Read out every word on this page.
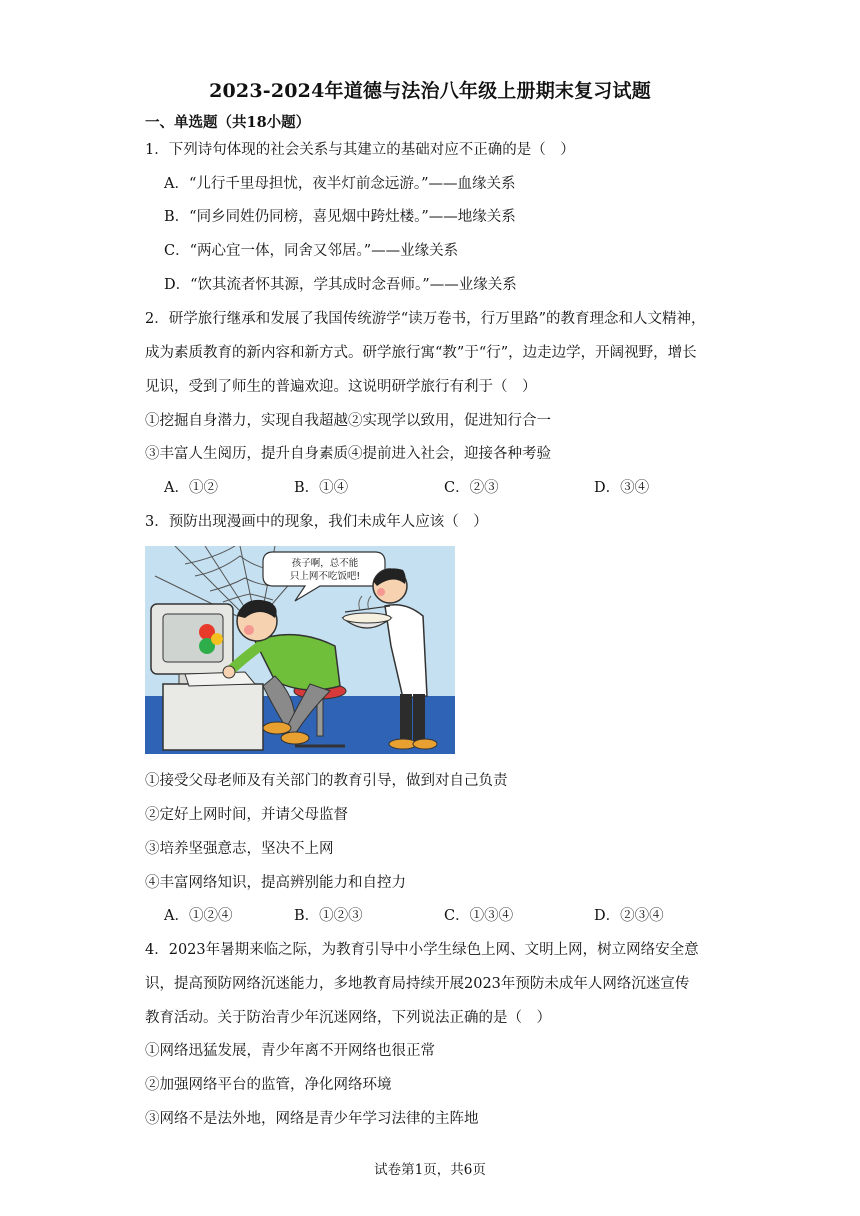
2023-2024年道德与法治八年级上册期末复习试题
一、单选题（共18小题）
1．下列诗句体现的社会关系与其建立的基础对应不正确的是（　）
A．“儿行千里母担忧，夜半灯前念远游。”——血缘关系
B．“同乡同姓仍同榜，喜见烟中跨灶楼。”——地缘关系
C．“两心宜一体，同舍又邻居。”——业缘关系
D．“饮其流者怀其源，学其成时念吾师。”——业缘关系
2．研学旅行继承和发展了我国传统游学“读万卷书，行万里路”的教育理念和人文精神，
成为素质教育的新内容和新方式。研学旅行寓“教”于“行”，边走边学，开阔视野，增长
见识，受到了师生的普遍欢迎。这说明研学旅行有利于（　）
①挖掘自身潜力，实现自我超越②实现学以致用，促进知行合一
③丰富人生阅历，提升自身素质④提前进入社会，迎接各种考验
A．①②	B．①④	C．②③	D．③④
3．预防出现漫画中的现象，我们未成年人应该（　）
孩子啊，总不能
只上网不吃饭吧!
①接受父母老师及有关部门的教育引导，做到对自己负责
②定好上网时间，并请父母监督
③培养坚强意志，坚决不上网
④丰富网络知识，提高辨别能力和自控力
A．①②④	B．①②③	C．①③④	D．②③④
4．2023年暑期来临之际，为教育引导中小学生绿色上网、文明上网，树立网络安全意
识，提高预防网络沉迷能力，多地教育局持续开展2023年预防未成年人网络沉迷宣传
教育活动。关于防治青少年沉迷网络，下列说法正确的是（　）
①网络迅猛发展，青少年离不开网络也很正常
②加强网络平台的监管，净化网络环境
③网络不是法外地，网络是青少年学习法律的主阵地
试卷第1页，共6页
